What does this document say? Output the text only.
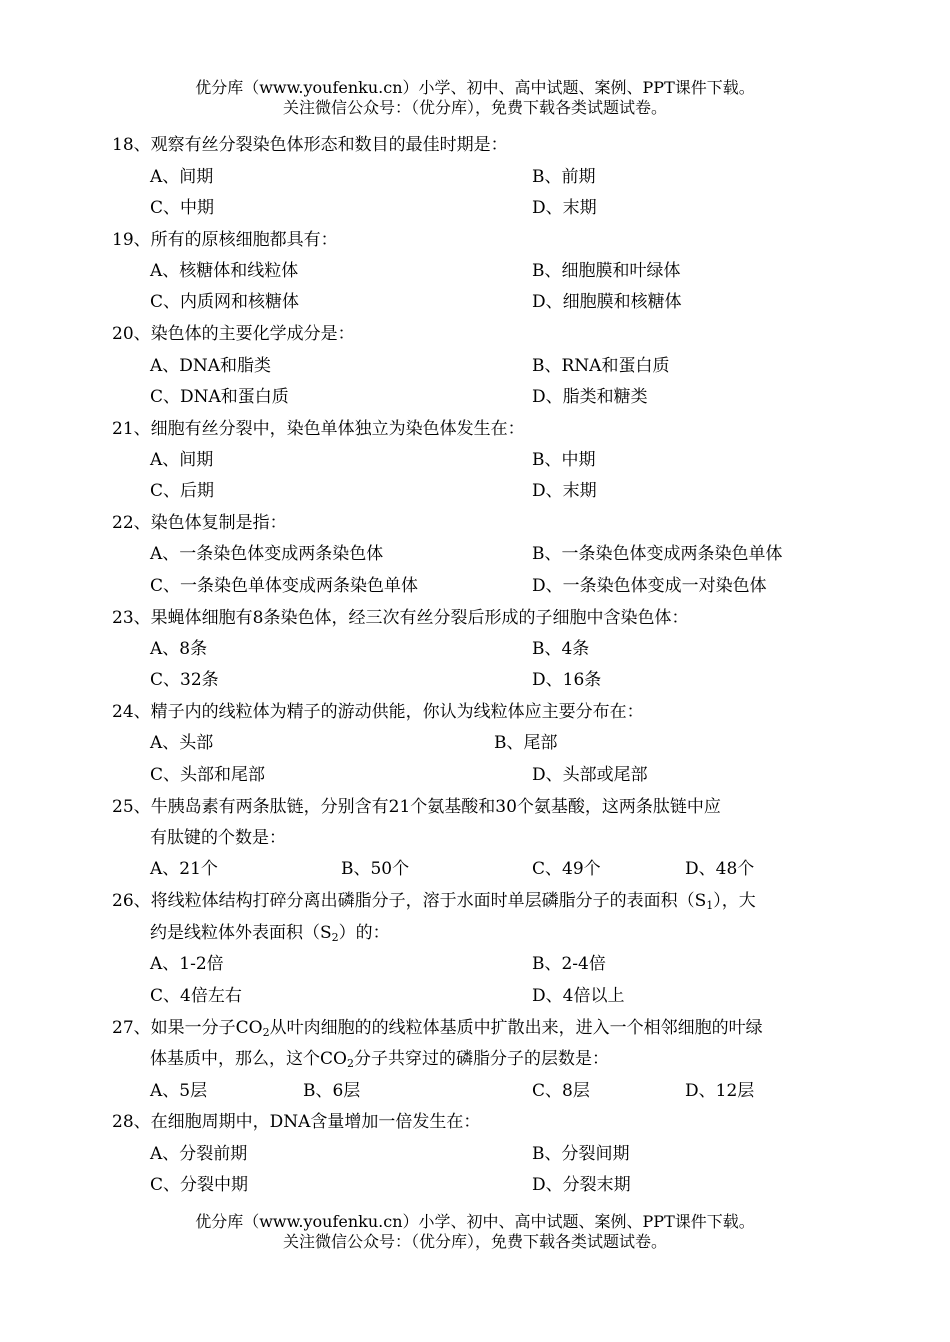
优分库（www.youfenku.cn）小学、初中、高中试题、案例、PPT课件下载。
关注微信公众号：（优分库），免费下载各类试题试卷。
18、观察有丝分裂染色体形态和数目的最佳时期是：
A、间期	B、前期
C、中期	D、末期
19、所有的原核细胞都具有：
A、核糖体和线粒体	B、细胞膜和叶绿体
C、内质网和核糖体	D、细胞膜和核糖体
20、染色体的主要化学成分是：
A、DNA和脂类	B、RNA和蛋白质
C、DNA和蛋白质	D、脂类和糖类
21、细胞有丝分裂中，染色单体独立为染色体发生在：
A、间期	B、中期
C、后期	D、末期
22、染色体复制是指：
A、一条染色体变成两条染色体	B、一条染色体变成两条染色单体
C、一条染色单体变成两条染色单体	D、一条染色体变成一对染色体
23、果蝇体细胞有8条染色体，经三次有丝分裂后形成的子细胞中含染色体：
A、8条	B、4条
C、32条	D、16条
24、精子内的线粒体为精子的游动供能，你认为线粒体应主要分布在：
A、头部	B、尾部
C、头部和尾部	D、头部或尾部
25、牛胰岛素有两条肽链，分别含有21个氨基酸和30个氨基酸，这两条肽链中应
有肽键的个数是：
A、21个	B、50个	C、49个	D、48个
26、将线粒体结构打碎分离出磷脂分子，溶于水面时单层磷脂分子的表面积$(S_1)$，大
约是线粒体外表面积$(S_2)$的：
A、1-2倍	B、2-4倍
C、4倍左右	D、4倍以上
27、如果一分子$CO_2$从叶肉细胞的的线粒体基质中扩散出来，进入一个相邻细胞的叶绿
体基质中，那么，这个$CO_2$分子共穿过的磷脂分子的层数是：
A、5层	B、6层	C、8层	D、12层
28、在细胞周期中，DNA含量增加一倍发生在：
A、分裂前期	B、分裂间期
C、分裂中期	D、分裂末期
优分库（www.youfenku.cn）小学、初中、高中试题、案例、PPT课件下载。
关注微信公众号：（优分库），免费下载各类试题试卷。
